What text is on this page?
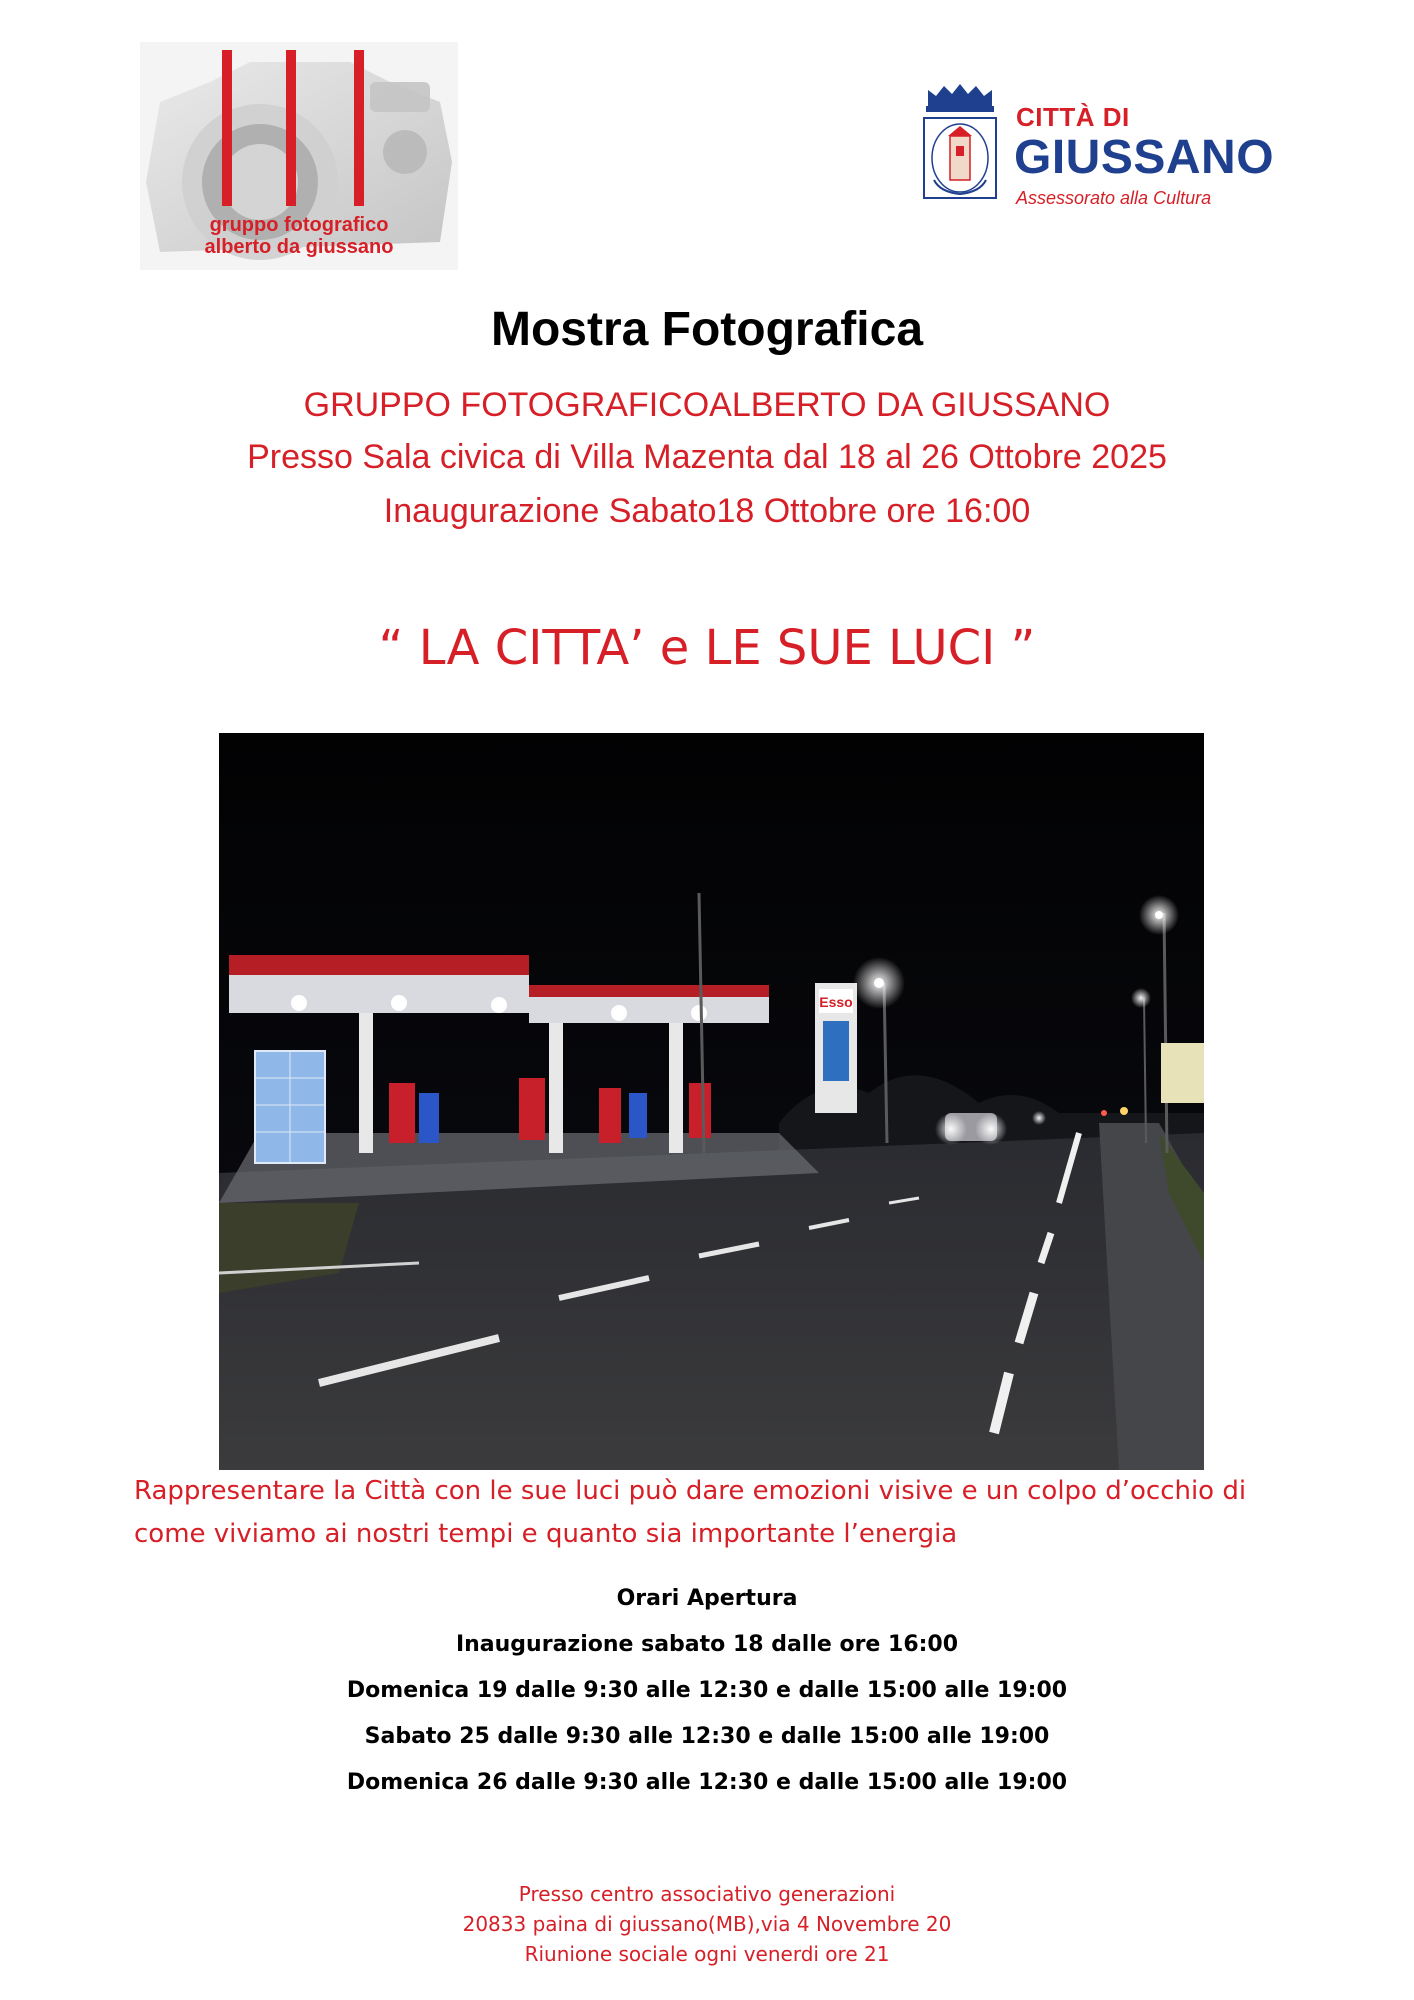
gruppo fotografico
alberto da giussano
CITTÀ DI
GIUSSANO
Assessorato alla Cultura
Mostra Fotografica
GRUPPO FOTOGRAFICOALBERTO DA GIUSSANO
Presso Sala civica di Villa Mazenta dal 18 al 26 Ottobre 2025
Inaugurazione Sabato18 Ottobre ore 16:00
“ LA CITTA’ e LE SUE LUCI ”
Esso
Rappresentare la Città con le sue luci può dare emozioni visive e un colpo d’occhio di
come viviamo ai nostri tempi e quanto sia importante l’energia
Orari Apertura
Inaugurazione sabato 18 dalle ore 16:00
Domenica 19 dalle 9:30 alle 12:30 e dalle 15:00 alle 19:00
Sabato 25 dalle 9:30 alle 12:30 e dalle 15:00 alle 19:00
Domenica 26 dalle 9:30 alle 12:30 e dalle 15:00 alle 19:00
Presso centro associativo generazioni
20833 paina di giussano(MB),via 4 Novembre 20
Riunione sociale ogni venerdi ore 21
